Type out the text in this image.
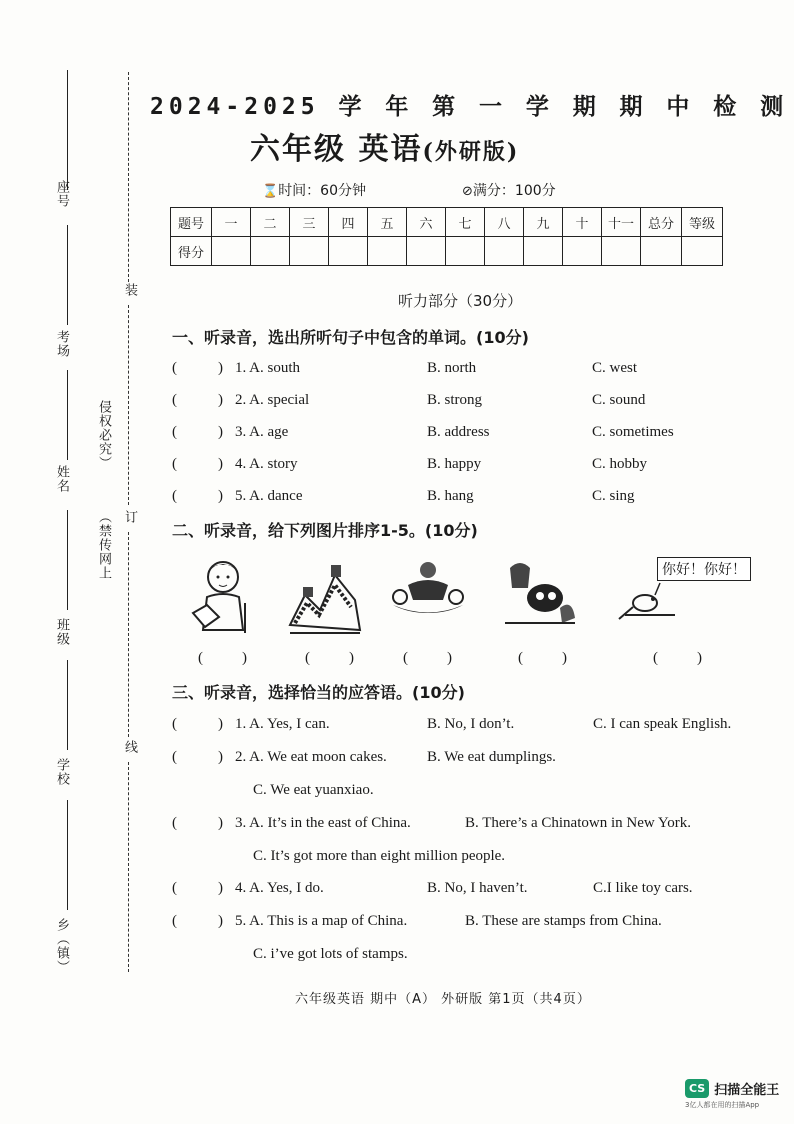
座号
考场
姓名
班级
学校
乡（镇）
（禁传网上
侵权必究）
装
订
线
2024-2025 学 年 第 一 学 期 期 中 检 测
六年级 英语(外研版)
⌛时间：60分钟	⊘满分：100分
题号	一	二	三	四	五	六	七	八	九	十	十一	总分	等级
得分													
听力部分（30分）
一、听录音，选出所听句子中包含的单词。(10分)
(	) 1. A. south	B. north	C. west
(	) 2. A. special	B. strong	C. sound
(	) 3. A. age	B. address	C. sometimes
(	) 4. A. story	B. happy	C. hobby
(	) 5. A. dance	B. hang	C. sing
二、听录音，给下列图片排序1-5。(10分)
你好！你好！
(	)	(	)	(	)	(	)	(	)
三、听录音，选择恰当的应答语。(10分)
(	) 1. A. Yes, I can.	B. No, I don’t.	C. I can speak English.
(	) 2. A. We eat moon cakes.	B. We eat dumplings.
C. We eat yuanxiao.
(	) 3. A. It’s in the east of China.	B. There’s a Chinatown in New York.
C. It’s got more than eight million people.
(	) 4. A. Yes, I do.	B. No, I haven’t.	C.I like toy cars.
(	) 5. A. This is a map of China.	B. These are stamps from China.
C. i’ve got lots of stamps.
六年级英语 期中（A） 外研版 第1页（共4页）
CS 扫描全能王
3亿人都在用的扫描App
